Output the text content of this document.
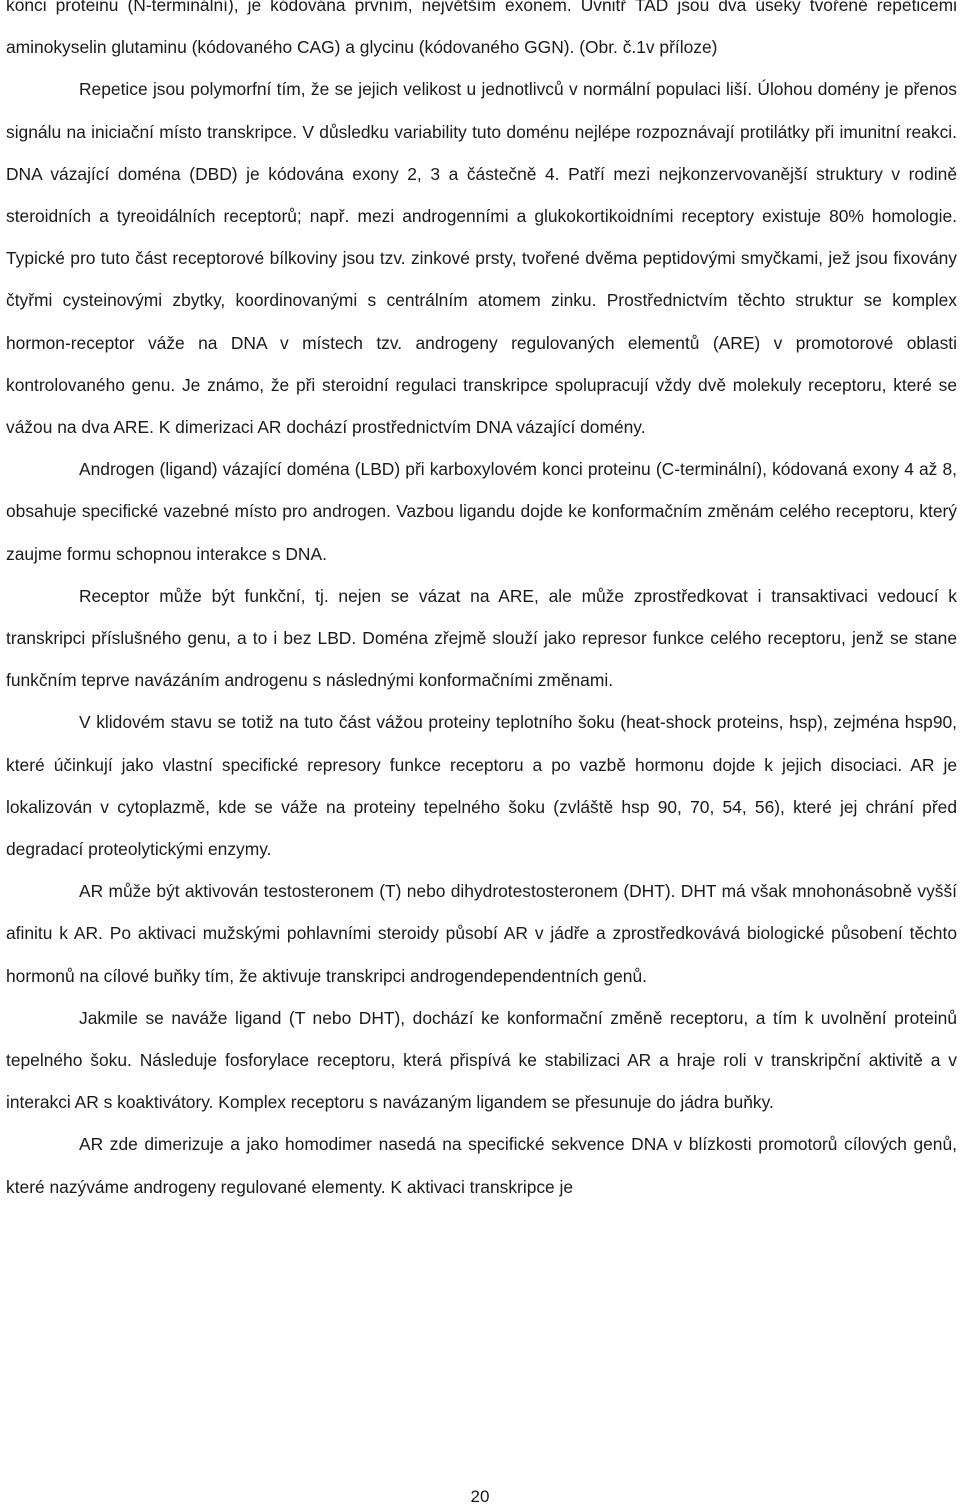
konci proteinu (N-terminální), je kódována prvním, největším exonem. Uvnitř TAD jsou dva úseky tvořené repeticemi aminokyselin glutaminu (kódovaného CAG) a glycinu (kódovaného GGN). (Obr. č.1v příloze)

Repetice jsou polymorfní tím, že se jejich velikost u jednotlivců v normální populaci liší. Úlohou domény je přenos signálu na iniciační místo transkripce. V důsledku variability tuto doménu nejlépe rozpoznávají protilátky při imunitní reakci. DNA vázající doména (DBD) je kódována exony 2, 3 a částečně 4. Patří mezi nejkonzervovanější struktury v rodině steroidních a tyreoidálních receptorů; např. mezi androgenními a glukokortikoidními receptory existuje 80% homologie. Typické pro tuto část receptorové bílkoviny jsou tzv. zinkové prsty, tvořené dvěma peptidovými smyčkami, jež jsou fixovány čtyřmi cysteinovými zbytky, koordinovanými s centrálním atomem zinku. Prostřednictvím těchto struktur se komplex hormon-receptor váže na DNA v místech tzv. androgeny regulovaných elementů (ARE) v promotorové oblasti kontrolovaného genu. Je známo, že při steroidní regulaci transkripce spolupracují vždy dvě molekuly receptoru, které se vážou na dva ARE. K dimerizaci AR dochází prostřednictvím DNA vázající domény.

Androgen (ligand) vázající doména (LBD) při karboxylovém konci proteinu (C-terminální), kódovaná exony 4 až 8, obsahuje specifické vazebné místo pro androgen. Vazbou ligandu dojde ke konformačním změnám celého receptoru, který zaujme formu schopnou interakce s DNA.

Receptor může být funkční, tj. nejen se vázat na ARE, ale může zprostředkovat i transaktivaci vedoucí k transkripci příslušného genu, a to i bez LBD. Doména zřejmě slouží jako represor funkce celého receptoru, jenž se stane funkčním teprve navázáním androgenu s následnými konformačními změnami.

V klidovém stavu se totiž na tuto část vážou proteiny teplotního šoku (heat-shock proteins, hsp), zejména hsp90, které účinkují jako vlastní specifické represory funkce receptoru a po vazbě hormonu dojde k jejich disociaci. AR je lokalizován v cytoplazmě, kde se váže na proteiny tepelného šoku (zvláště hsp 90, 70, 54, 56), které jej chrání před degradací proteolytickými enzymy.

AR může být aktivován testosteronem (T) nebo dihydrotestosteronem (DHT). DHT má však mnohonásobně vyšší afinitu k AR. Po aktivaci mužskými pohlavními steroidy působí AR v jádře a zprostředkovává biologické působení těchto hormonů na cílové buňky tím, že aktivuje transkripci androgendependentních genů.

Jakmile se naváže ligand (T nebo DHT), dochází ke konformační změně receptoru, a tím k uvolnění proteinů tepelného šoku. Následuje fosforylace receptoru, která přispívá ke stabilizaci AR a hraje roli v transkripční aktivitě a v interakci AR s koaktivátory. Komplex receptoru s navázaným ligandem se přesunuje do jádra buňky.

AR zde dimerizuje a jako homodimer nasedá na specifické sekvence DNA v blízkosti promotorů cílových genů, které nazýváme androgeny regulované elementy. K aktivaci transkripce je

20
